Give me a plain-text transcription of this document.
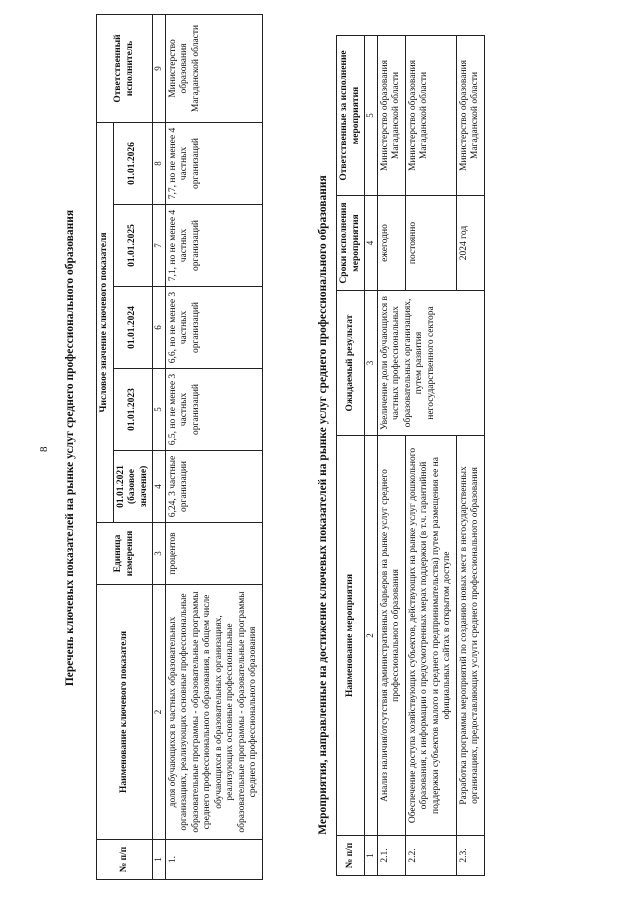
8 Перечень ключевых показателей на рынке услуг среднего профессионального образования
№ п/п	Наименование ключевого показателя	Единица измерения	Числовое значение ключевого показателя					Ответственный исполнитель
			01.01.2021 (базовое значение)	01.01.2023	01.01.2024	01.01.2025	01.01.2026	
1	2	3	4	5	6	7	8	9
1.	доля обучающихся в частных образовательных организациях, реализующих основные профессиональные образовательные программы - образовательные программы среднего профессионального образования, в общем числе обучающихся в образовательных организациях, реализующих основные профессиональные образовательные программы - образовательные программы среднего профессионального образования	процентов	6,24, 3 частные организации	6,5, но не менее 3 частных организаций	6,6, но не менее 3 частных организаций	7,1, но не менее 4 частных организаций	7,7, но не менее 4 частных организаций	Министерство образования Магаданской области
Мероприятия, направленные на достижение ключевых показателей на рынке услуг среднего профессионального образования
№ п/п	Наименование мероприятия	Ожидаемый результат	Сроки исполнения мероприятия	Ответственные за исполнение мероприятия
1	2	3	4	5
2.1.	Анализ наличия/отсутствия административных барьеров на рынке услуг среднего профессионального образования	Увеличение доли обучающихся в частных профессиональных образовательных организациях, путем развития негосударственного сектора	ежегодно	Министерство образования Магаданской области
2.2.	Обеспечение доступа хозяйствующих субъектов, действующих на рынке услуг дошкольного образования, к информации о предусмотренных мерах поддержки (в т.ч. гарантийной поддержки субъектов малого и среднего предпринимательства) путем размещения ее на официальных сайтах в открытом доступе		постоянно	Министерство образования Магаданской области
2.3.	Разработка программы мероприятий по созданию новых мест в негосударственных организациях, предоставляющих услуги среднего профессионального образования		2024 год	Министерство образования Магаданской области
